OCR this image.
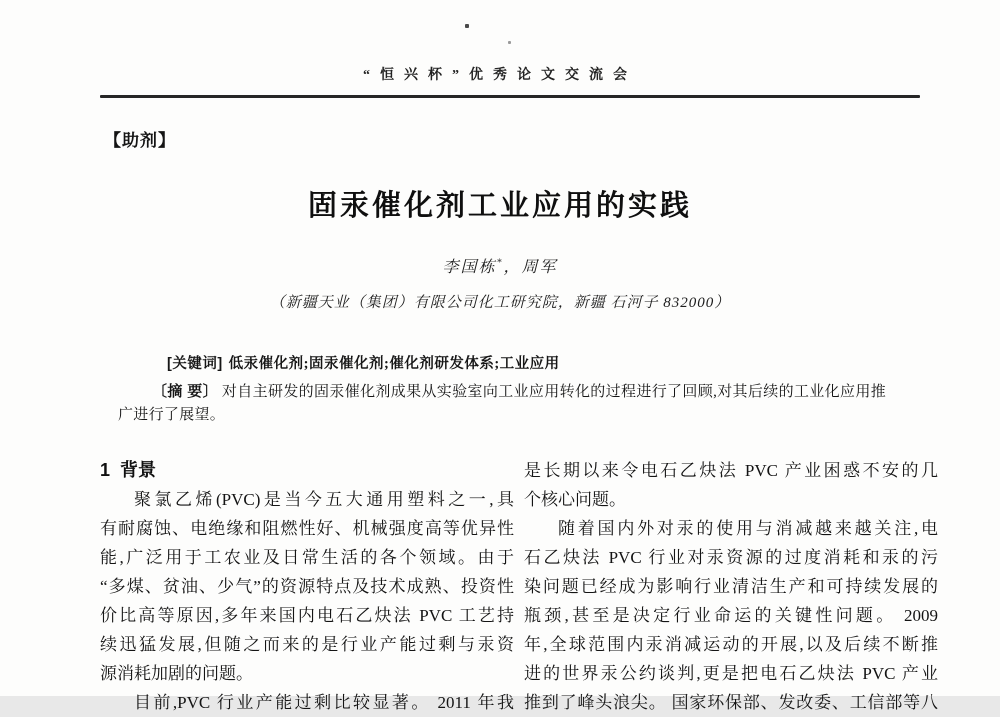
“恒兴杯”优秀论文交流会
【助剂】
固汞催化剂工业应用的实践
李国栋*，周军
（新疆天业（集团）有限公司化工研究院，新疆 石河子 832000）
[关键词] 低汞催化剂;固汞催化剂;催化剂研发体系;工业应用
〔摘 要〕 对自主研发的固汞催化剂成果从实验室向工业应用转化的过程进行了回顾,对其后续的工业化应用推广进行了展望。
1  背景
聚氯乙烯(PVC)是当今五大通用塑料之一,具
有耐腐蚀、电绝缘和阻燃性好、机械强度高等优异性
能,广泛用于工农业及日常生活的各个领域。由于
“多煤、贫油、少气”的资源特点及技术成熟、投资性
价比高等原因,多年来国内电石乙炔法 PVC 工艺持
续迅猛发展,但随之而来的是行业产能过剩与汞资
源消耗加剧的问题。
目前,PVC 行业产能过剩比较显著。 2011 年我
是长期以来令电石乙炔法 PVC 产业困惑不安的几
个核心问题。
随着国内外对汞的使用与消减越来越关注,电
石乙炔法 PVC 行业对汞资源的过度消耗和汞的污
染问题已经成为影响行业清洁生产和可持续发展的
瓶颈,甚至是决定行业命运的关键性问题。 2009
年,全球范围内汞消减运动的开展,以及后续不断推
进的世界汞公约谈判,更是把电石乙炔法 PVC 产业
推到了峰头浪尖。 国家环保部、发改委、工信部等八
